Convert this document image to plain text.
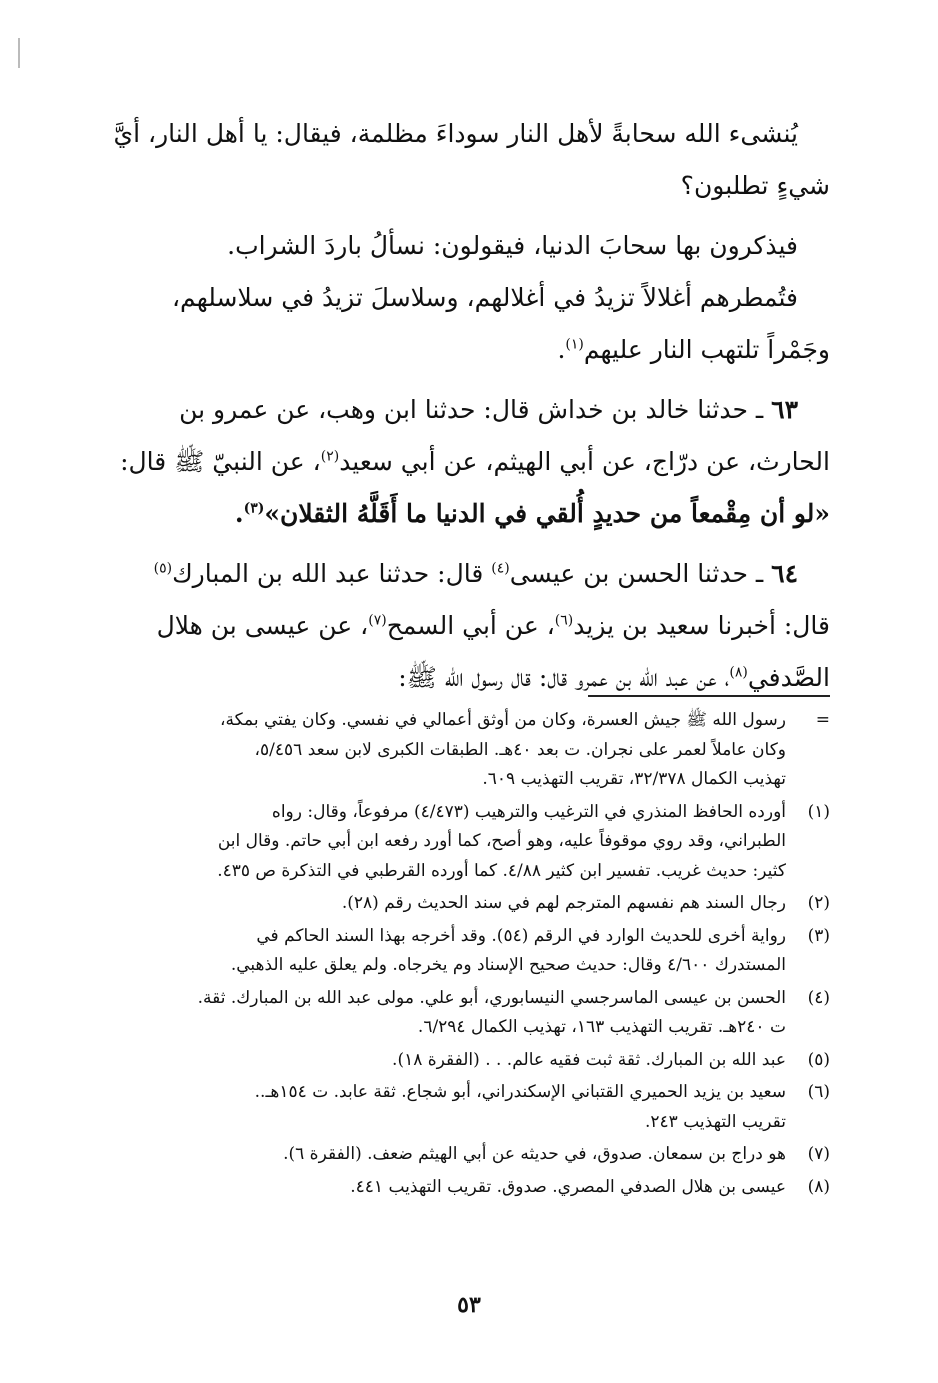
يُنشىء الله سحابةً لأهل النار سوداءَ مظلمة، فيقال: يا أهل النار، أيَّ
شيءٍ تطلبون؟
فيذكرون بها سحابَ الدنيا، فيقولون: نسألُ باردَ الشراب.
فتُمطرهم أغلالاً تزيدُ في أغلالهم، وسلاسلَ تزيدُ في سلاسلهم،
وجَمْراً تلتهب النار عليهم$^{(١)}$.
٦٣ ـ حدثنا خالد بن خداش قال: حدثنا ابن وهب، عن عمرو بن
الحارث، عن درّاج، عن أبي الهيثم، عن أبي سعيد$^{(٢)}$، عن النبيّ ﷺ قال:
«لو أن مِقْمعاً من حديدٍ أُلقي في الدنيا ما أَقَلَّهُ الثقلان»$^{(٣)}$.
٦٤ ـ حدثنا الحسن بن عيسى$^{(٤)}$ قال: حدثنا عبد الله بن المبارك$^{(٥)}$
قال: أخبرنا سعيد بن يزيد$^{(٦)}$، عن أبي السمح$^{(٧)}$، عن عيسى بن هلال
الصَّدفي$^{(٨)}$، عن عبد الله بن عمرو قال: قال رسول الله ﷺ:
=
رسول الله ﷺ جيش العسرة، وكان من أوثق أعمالي في نفسي. وكان يفتي بمكة،
وكان عاملاً لعمر على نجران. ت بعد ٤٠هـ. الطبقات الكبرى لابن سعد ٥/٤٥٦،
تهذيب الكمال ٣٢/٣٧٨، تقريب التهذيب ٦٠٩.
(١)
أورده الحافظ المنذري في الترغيب والترهيب (٤/٤٧٣) مرفوعاً، وقال: رواه
الطبراني، وقد روي موقوفاً عليه، وهو أصح، كما أورد رفعه ابن أبي حاتم. وقال ابن
كثير: حديث غريب. تفسير ابن كثير ٤/٨٨. كما أورده القرطبي في التذكرة ص ٤٣٥.
(٢)
رجال السند هم نفسهم المترجم لهم في سند الحديث رقم (٢٨).
(٣)
رواية أخرى للحديث الوارد في الرقم (٥٤). وقد أخرجه بهذا السند الحاكم في
المستدرك ٤/٦٠٠ وقال: حديث صحيح الإسناد وم يخرجاه. ولم يعلق عليه الذهبي.
(٤)
الحسن بن عيسى الماسرجسي النيسابوري، أبو علي. مولى عبد الله بن المبارك. ثقة.
ت ٢٤٠هـ. تقريب التهذيب ١٦٣، تهذيب الكمال ٦/٢٩٤.
(٥)
عبد الله بن المبارك. ثقة ثبت فقيه عالم. . . (الفقرة ١٨).
(٦)
سعيد بن يزيد الحميري القتباني الإسكندراني، أبو شجاع. ثقة عابد. ت ١٥٤هـ..
تقريب التهذيب ٢٤٣.
(٧)
هو دراج بن سمعان. صدوق، في حديثه عن أبي الهيثم ضعف. (الفقرة ٦).
(٨)
عيسى بن هلال الصدفي المصري. صدوق. تقريب التهذيب ٤٤١.
٥٣
